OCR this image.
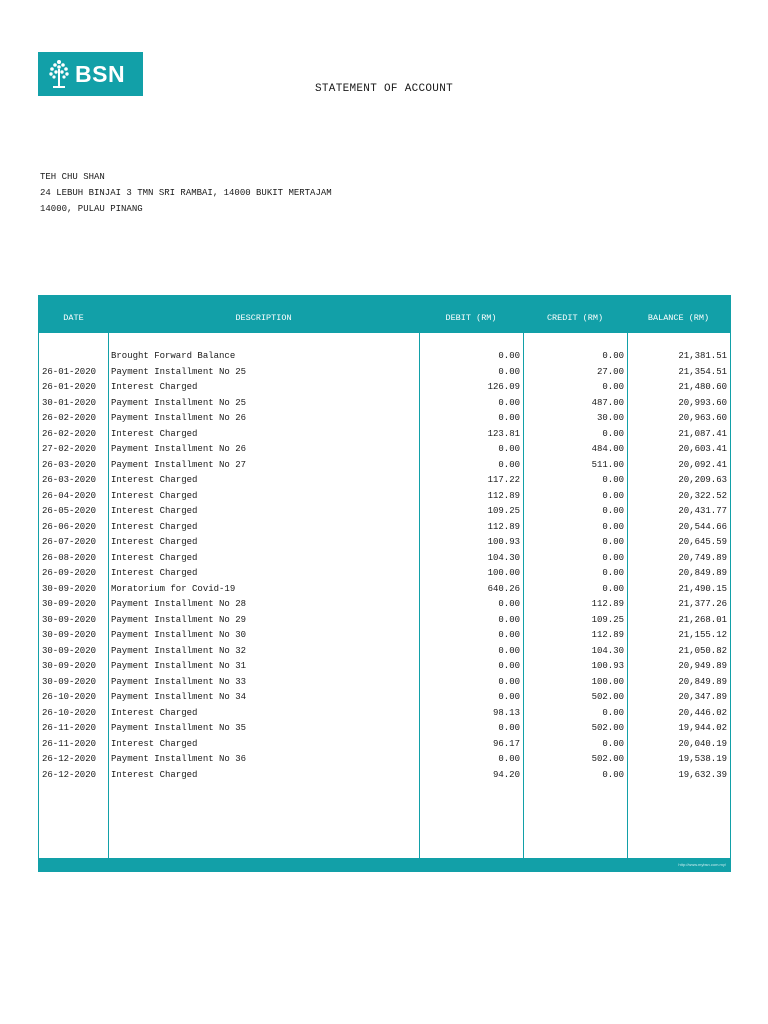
BSN
STATEMENT OF ACCOUNT
TEH CHU SHAN
24 LEBUH BINJAI 3 TMN SRI RAMBAI, 14000 BUKIT MERTAJAM
14000, PULAU PINANG
DATE	DESCRIPTION	DEBIT (RM)	CREDIT (RM)	BALANCE (RM)
Brought Forward Balance	0.00	0.00	21,381.51
26-01-2020 Payment Installment No 25	0.00	27.00	21,354.51
26-01-2020 Interest Charged	126.09	0.00	21,480.60
30-01-2020 Payment Installment No 25	0.00	487.00	20,993.60
26-02-2020 Payment Installment No 26	0.00	30.00	20,963.60
26-02-2020 Interest Charged	123.81	0.00	21,087.41
27-02-2020 Payment Installment No 26	0.00	484.00	20,603.41
26-03-2020 Payment Installment No 27	0.00	511.00	20,092.41
26-03-2020 Interest Charged	117.22	0.00	20,209.63
26-04-2020 Interest Charged	112.89	0.00	20,322.52
26-05-2020 Interest Charged	109.25	0.00	20,431.77
26-06-2020 Interest Charged	112.89	0.00	20,544.66
26-07-2020 Interest Charged	100.93	0.00	20,645.59
26-08-2020 Interest Charged	104.30	0.00	20,749.89
26-09-2020 Interest Charged	100.00	0.00	20,849.89
30-09-2020 Moratorium for Covid-19	640.26	0.00	21,490.15
30-09-2020 Payment Installment No 28	0.00	112.89	21,377.26
30-09-2020 Payment Installment No 29	0.00	109.25	21,268.01
30-09-2020 Payment Installment No 30	0.00	112.89	21,155.12
30-09-2020 Payment Installment No 32	0.00	104.30	21,050.82
30-09-2020 Payment Installment No 31	0.00	100.93	20,949.89
30-09-2020 Payment Installment No 33	0.00	100.00	20,849.89
26-10-2020 Payment Installment No 34	0.00	502.00	20,347.89
26-10-2020 Interest Charged	98.13	0.00	20,446.02
26-11-2020 Payment Installment No 35	0.00	502.00	19,944.02
26-11-2020 Interest Charged	96.17	0.00	20,040.19
26-12-2020 Payment Installment No 36	0.00	502.00	19,538.19
26-12-2020 Interest Charged	94.20	0.00	19,632.39
http://www.mybsn.com.my/
